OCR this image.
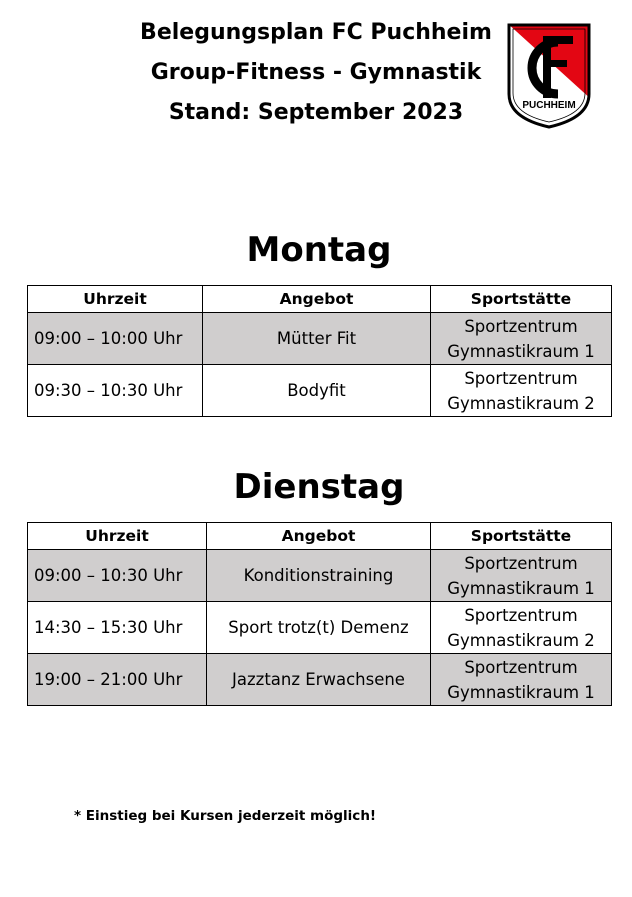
Belegungsplan FC Puchheim
Group-Fitness - Gymnastik
Stand: September 2023	PUCHHEIM
Montag
Uhrzeit	Angebot	Sportstätte
09:00 – 10:00 Uhr	Mütter Fit	Sportzentrum
Gymnastikraum 1

09:30 – 10:30 Uhr	Bodyfit	Sportzentrum
Gymnastikraum 2
Dienstag
Uhrzeit	Angebot	Sportstätte
09:00 – 10:30 Uhr	Konditionstraining	Sportzentrum
Gymnastikraum 1

14:30 – 15:30 Uhr	Sport trotz(t) Demenz	Sportzentrum
Gymnastikraum 2

19:00 – 21:00 Uhr	Jazztanz Erwachsene	Sportzentrum
Gymnastikraum 1
* Einstieg bei Kursen jederzeit möglich!
